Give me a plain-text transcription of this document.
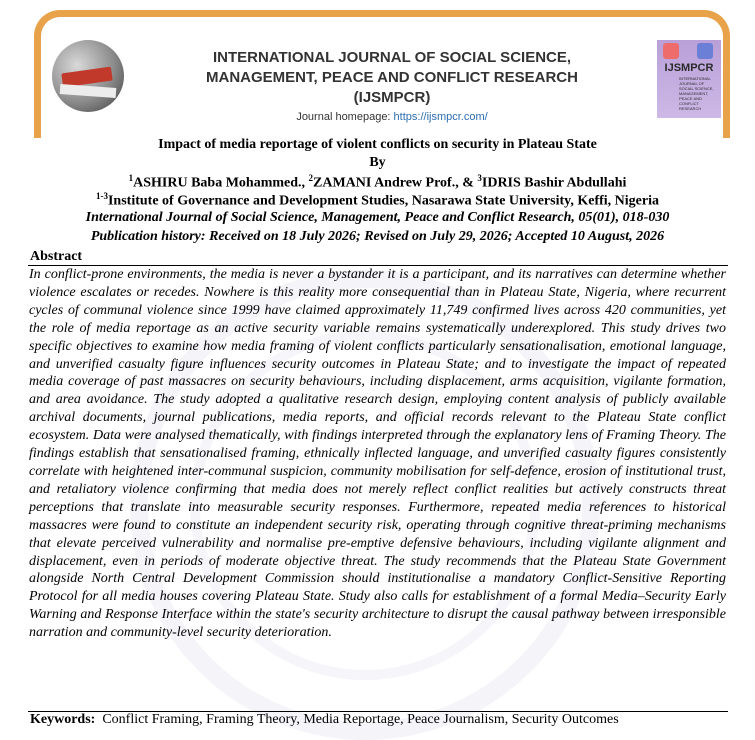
INTERNATIONAL JOURNAL OF SOCIAL SCIENCE, MANAGEMENT, PEACE AND CONFLICT RESEARCH (IJSMPCR)
Journal homepage: https://ijsmpcr.com/
IJSMPCR
INTERNATIONAL JOURNAL OF SOCIAL SCIENCE, MANAGEMENT, PEACE AND CONFLICT RESEARCH
Impact of media reportage of violent conflicts on security in Plateau State
By
$^1$ASHIRU Baba Mohammed., $^2$ZAMANI Andrew Prof., & $^3$IDRIS Bashir Abdullahi
$^{1-3}$Institute of Governance and Development Studies, Nasarawa State University, Keffi, Nigeria
International Journal of Social Science, Management, Peace and Conflict Research, 05(01), 018-030
Publication history: Received on 18 July 2026; Revised on July 29, 2026; Accepted 10 August, 2026
Abstract
In conflict-prone environments, the media is never a bystander it is a participant, and its narratives can determine whether violence escalates or recedes. Nowhere is this reality more consequential than in Plateau State, Nigeria, where recurrent cycles of communal violence since 1999 have claimed approximately 11,749 confirmed lives across 420 communities, yet the role of media reportage as an active security variable remains systematically underexplored. This study drives two specific objectives to examine how media framing of violent conflicts particularly sensationalisation, emotional language, and unverified casualty figure influences security outcomes in Plateau State; and to investigate the impact of repeated media coverage of past massacres on security behaviours, including displacement, arms acquisition, vigilante formation, and area avoidance. The study adopted a qualitative research design, employing content analysis of publicly available archival documents, journal publications, media reports, and official records relevant to the Plateau State conflict ecosystem. Data were analysed thematically, with findings interpreted through the explanatory lens of Framing Theory. The findings establish that sensationalised framing, ethnically inflected language, and unverified casualty figures consistently correlate with heightened inter-communal suspicion, community mobilisation for self-defence, erosion of institutional trust, and retaliatory violence confirming that media does not merely reflect conflict realities but actively constructs threat perceptions that translate into measurable security responses. Furthermore, repeated media references to historical massacres were found to constitute an independent security risk, operating through cognitive threat-priming mechanisms that elevate perceived vulnerability and normalise pre-emptive defensive behaviours, including vigilante alignment and displacement, even in periods of moderate objective threat. The study recommends that the Plateau State Government alongside North Central Development Commission should institutionalise a mandatory Conflict-Sensitive Reporting Protocol for all media houses covering Plateau State. Study also calls for establishment of a formal Media–Security Early Warning and Response Interface within the state's security architecture to disrupt the causal pathway between irresponsible narration and community-level security deterioration.
Keywords: Conflict Framing, Framing Theory, Media Reportage, Peace Journalism, Security Outcomes
